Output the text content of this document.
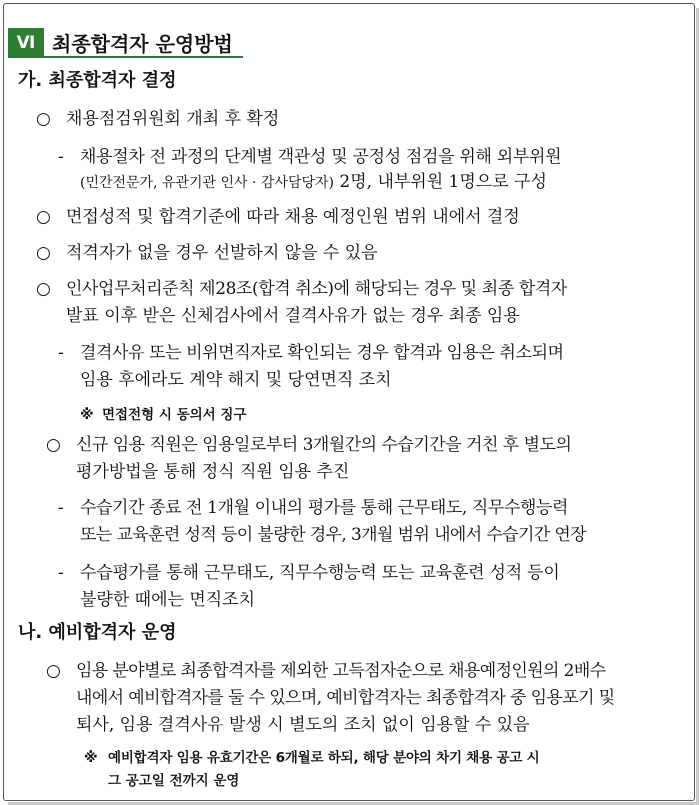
Ⅵ 최종합격자 운영방법
가. 최종합격자 결정
○ 채용점검위원회 개최 후 확정
- 채용절차 전 과정의 단계별 객관성 및 공정성 점검을 위해 외부위원
(민간전문가, 유관기관 인사 · 감사담당자) 2명, 내부위원 1명으로 구성
○ 면접성적 및 합격기준에 따라 채용 예정인원 범위 내에서 결정
○ 적격자가 없을 경우 선발하지 않을 수 있음
○ 인사업무처리준칙 제28조(합격 취소)에 해당되는 경우 및 최종 합격자
발표 이후 받은 신체검사에서 결격사유가 없는 경우 최종 임용
- 결격사유 또는 비위면직자로 확인되는 경우 합격과 임용은 취소되며
임용 후에라도 계약 해지 및 당연면직 조치
※ 면접전형 시 동의서 징구
○ 신규 임용 직원은 임용일로부터 3개월간의 수습기간을 거친 후 별도의
평가방법을 통해 정식 직원 임용 추진
- 수습기간 종료 전 1개월 이내의 평가를 통해 근무태도, 직무수행능력
또는 교육훈련 성적 등이 불량한 경우, 3개월 범위 내에서 수습기간 연장
- 수습평가를 통해 근무태도, 직무수행능력 또는 교육훈련 성적 등이
불량한 때에는 면직조치
나. 예비합격자 운영
○ 임용 분야별로 최종합격자를 제외한 고득점자순으로 채용예정인원의 2배수
내에서 예비합격자를 둘 수 있으며, 예비합격자는 최종합격자 중 임용포기 및
퇴사, 임용 결격사유 발생 시 별도의 조치 없이 임용할 수 있음
※ 예비합격자 임용 유효기간은 6개월로 하되, 해당 분야의 차기 채용 공고 시
그 공고일 전까지 운영
